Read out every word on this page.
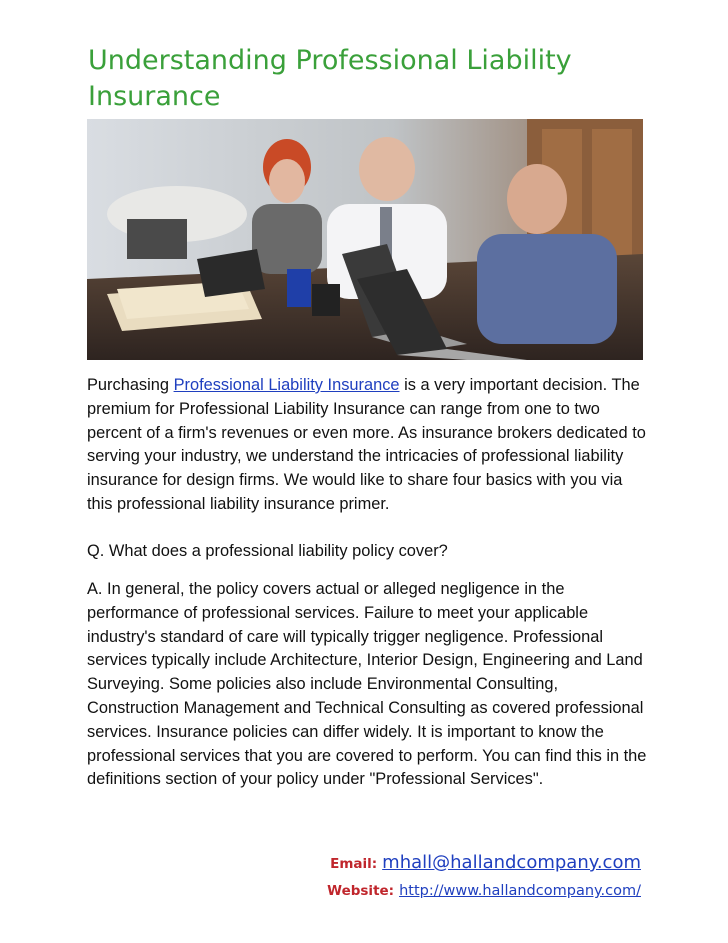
Understanding Professional Liability Insurance

Purchasing Professional Liability Insurance is a very important decision. The premium for Professional Liability Insurance can range from one to two percent of a firm's revenues or even more. As insurance brokers dedicated to serving your industry, we understand the intricacies of professional liability insurance for design firms. We would like to share four basics with you via this professional liability insurance primer.

Q. What does a professional liability policy cover?

A. In general, the policy covers actual or alleged negligence in the performance of professional services. Failure to meet your applicable industry's standard of care will typically trigger negligence. Professional services typically include Architecture, Interior Design, Engineering and Land Surveying. Some policies also include Environmental Consulting, Construction Management and Technical Consulting as covered professional services. Insurance policies can differ widely. It is important to know the professional services that you are covered to perform. You can find this in the definitions section of your policy under "Professional Services".

Email: mhall@hallandcompany.com
Website: http://www.hallandcompany.com/
